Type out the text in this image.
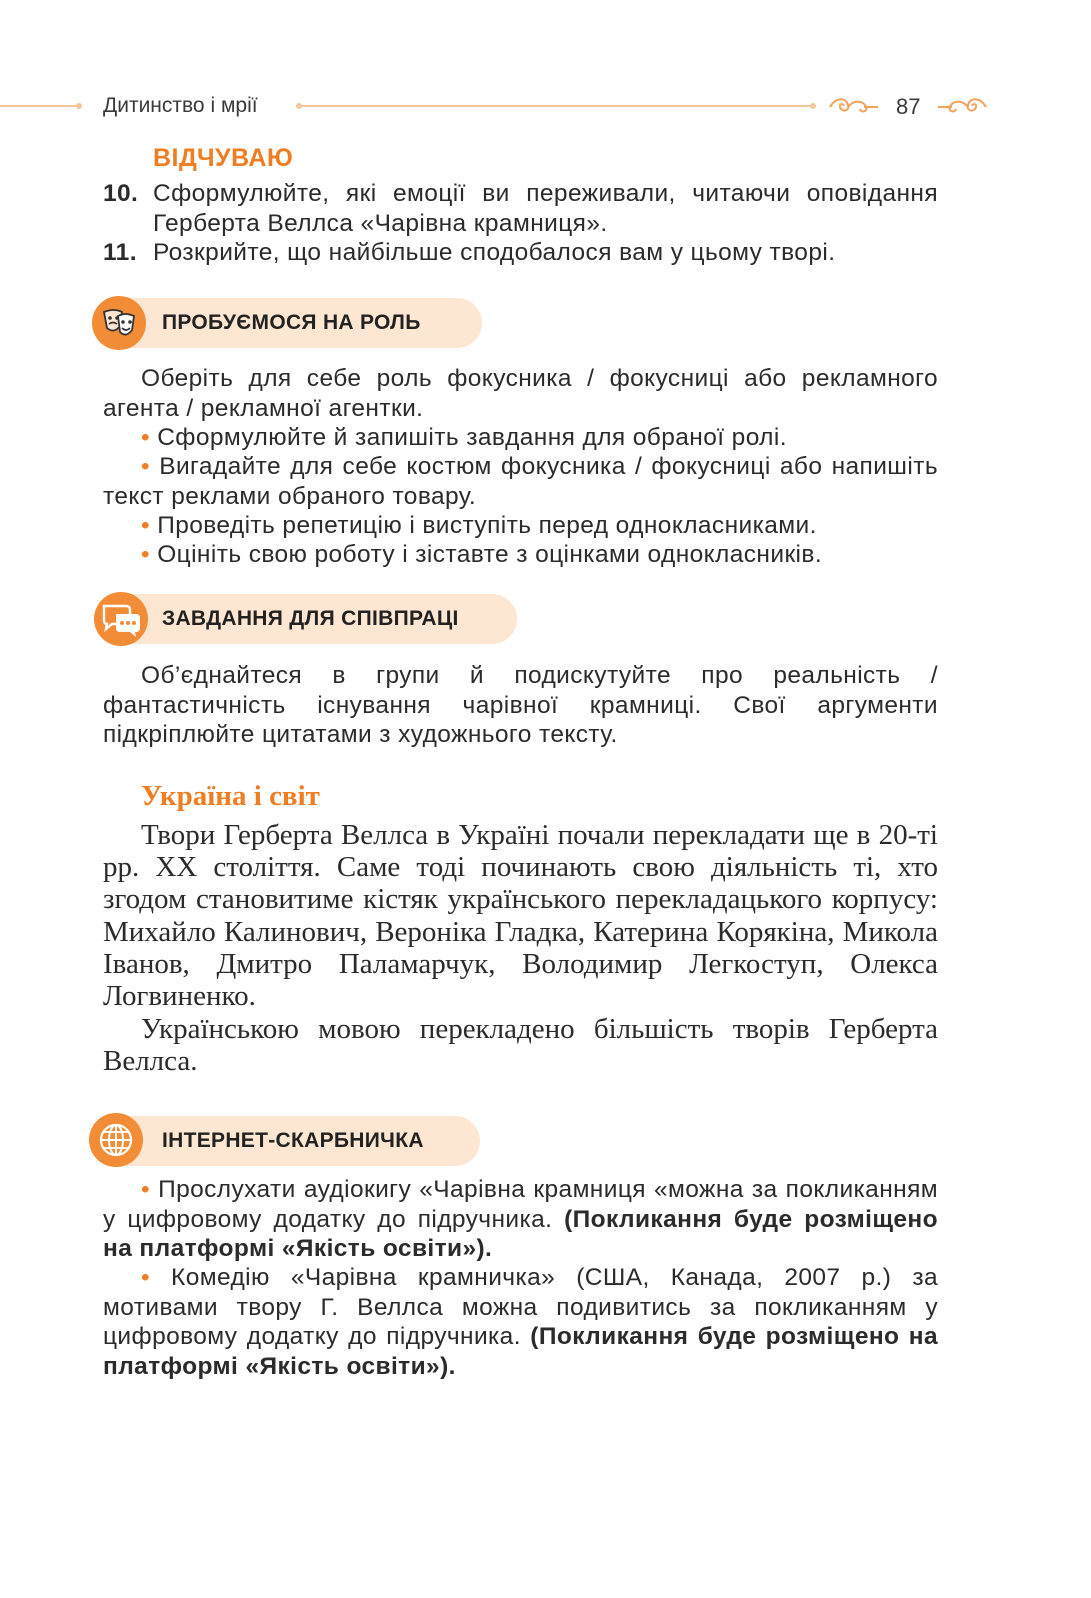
Дитинство і мрії	87
ВІДЧУВАЮ
10. Сформулюйте, які емоції ви переживали, читаючи оповідання Герберта Веллса «Чарівна крамниця».
11. Розкрийте, що найбільше сподобалося вам у цьому творі.
ПРОБУЄМОСЯ НА РОЛЬ
Оберіть для себе роль фокусника / фокусниці або рекламного агента / рекламної агентки.
• Сформулюйте й запишіть завдання для обраної ролі.
• Вигадайте для себе костюм фокусника / фокусниці або напишіть текст реклами обраного товару.
• Проведіть репетицію і виступіть перед однокласниками.
• Оцініть свою роботу і зіставте з оцінками однокласників.
ЗАВДАННЯ ДЛЯ СПІВПРАЦІ
Об’єднайтеся в групи й подискутуйте про реальність / фантастичність існування чарівної крамниці. Свої аргументи підкріплюйте цитатами з художнього тексту.
Україна і світ
Твори Герберта Веллса в Україні почали перекладати ще в 20-ті рр. XX століття. Саме тоді починають свою діяльність ті, хто згодом становитиме кістяк українського перекладацького корпусу: Михайло Калинович, Вероніка Гладка, Катерина Корякіна, Микола Іванов, Дмитро Паламарчук, Володимир Легкоступ, Олекса Логвиненко.
Українською мовою перекладено більшість творів Герберта Веллса.
ІНТЕРНЕТ-СКАРБНИЧКА
• Прослухати аудіокигу «Чарівна крамниця «можна за покликанням у цифровому додатку до підручника. (Покликання буде розміщено на платформі «Якість освіти»).
• Комедію «Чарівна крамничка» (США, Канада, 2007 р.) за мотивами твору Г. Веллса можна подивитись за покликанням у цифровому додатку до підручника. (Покликання буде розміщено на платформі «Якість освіти»).
